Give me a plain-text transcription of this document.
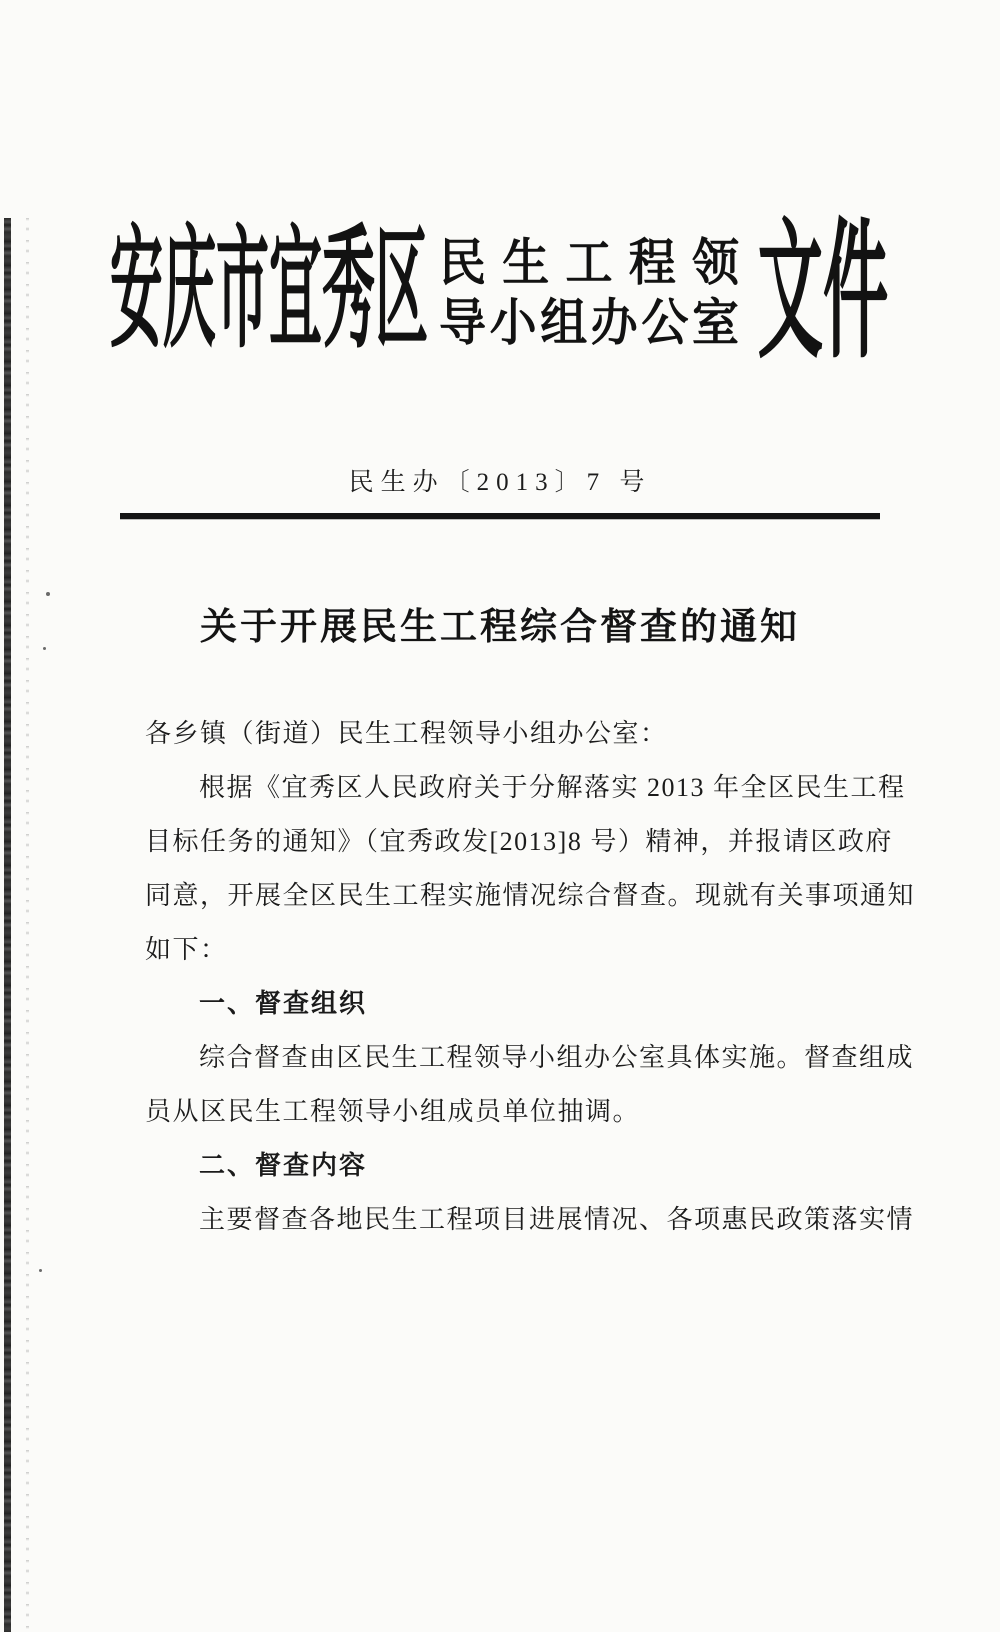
安庆市宜秀区 民生工程领
导小组办公室 文件
民生办〔2013〕7 号
关于开展民生工程综合督查的通知
各乡镇（街道）民生工程领导小组办公室：
根据《宜秀区人民政府关于分解落实 2013 年全区民生工程
目标任务的通知》（宜秀政发[2013]8 号）精神，并报请区政府
同意，开展全区民生工程实施情况综合督查。现就有关事项通知
如下：
一、督查组织
综合督查由区民生工程领导小组办公室具体实施。督查组成
员从区民生工程领导小组成员单位抽调。
二、督查内容
主要督查各地民生工程项目进展情况、各项惠民政策落实情
